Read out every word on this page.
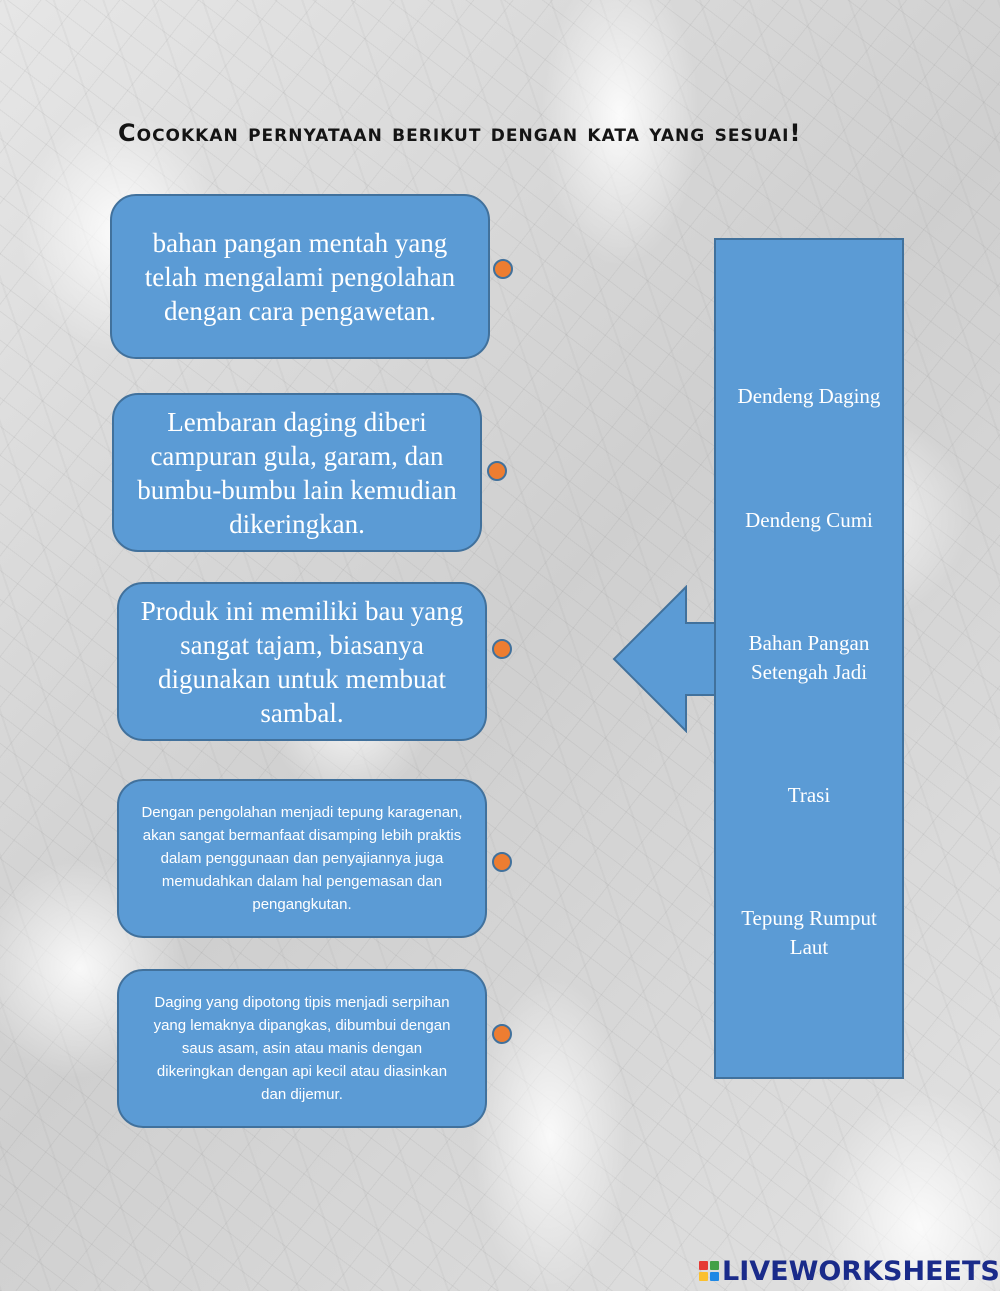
Cocokkan pernyataan berikut dengan kata yang sesuai!
bahan pangan mentah yang telah mengalami pengolahan dengan cara pengawetan.
Lembaran daging diberi campuran gula, garam, dan bumbu-bumbu lain kemudian dikeringkan.
Produk ini memiliki bau yang sangat tajam, biasanya digunakan untuk membuat sambal.
Dengan pengolahan menjadi tepung karagenan, akan sangat bermanfaat disamping lebih praktis dalam penggunaan dan penyajiannya juga memudahkan dalam hal pengemasan dan pengangkutan.
Daging yang dipotong tipis menjadi serpihan yang lemaknya dipangkas, dibumbui dengan saus asam, asin atau manis dengan dikeringkan dengan api kecil atau diasinkan dan dijemur.
Dendeng Daging
Dendeng Cumi
Bahan Pangan Setengah Jadi
Trasi
Tepung Rumput Laut
LIVEWORKSHEETS
